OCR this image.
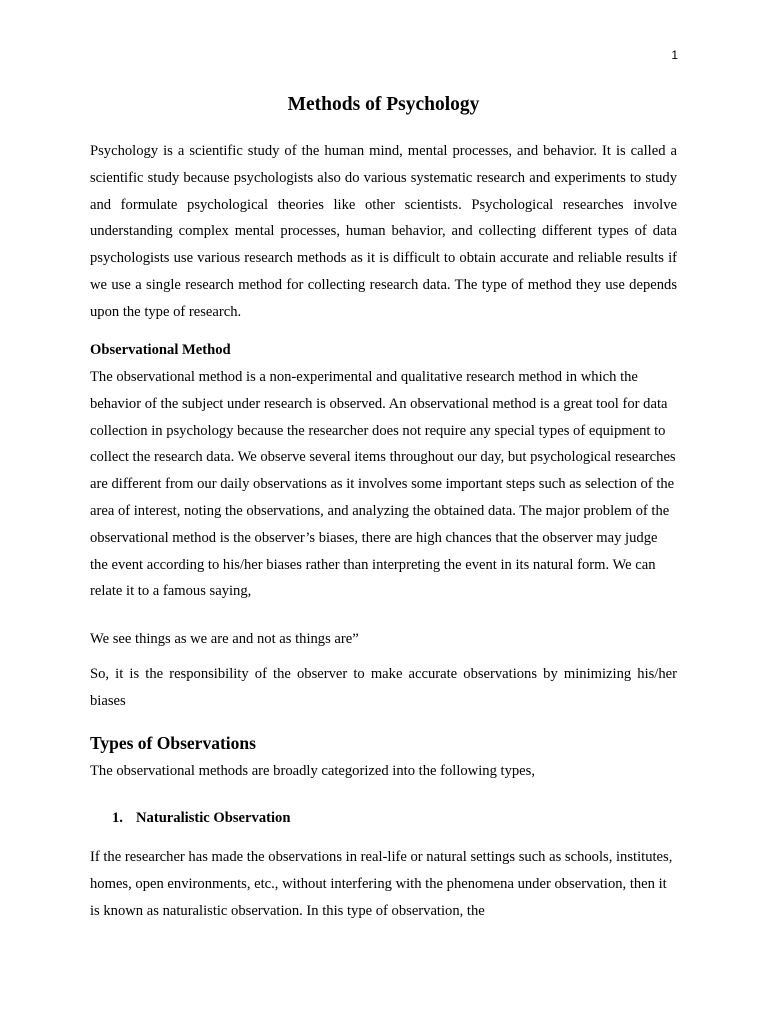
1
Methods of Psychology

Psychology is a scientific study of the human mind, mental processes, and behavior. It is called a scientific study because psychologists also do various systematic research and experiments to study and formulate psychological theories like other scientists. Psychological researches involve understanding complex mental processes, human behavior, and collecting different types of data psychologists use various research methods as it is difficult to obtain accurate and reliable results if we use a single research method for collecting research data. The type of method they use depends upon the type of research.

Observational Method

The observational method is a non-experimental and qualitative research method in which the behavior of the subject under research is observed. An observational method is a great tool for data collection in psychology because the researcher does not require any special types of equipment to collect the research data. We observe several items throughout our day, but psychological researches are different from our daily observations as it involves some important steps such as selection of the area of interest, noting the observations, and analyzing the obtained data. The major problem of the observational method is the observer’s biases, there are high chances that the observer may judge the event according to his/her biases rather than interpreting the event in its natural form. We can relate it to a famous saying,

We see things as we are and not as things are”

So, it is the responsibility of the observer to make accurate observations by minimizing his/her biases

Types of Observations

The observational methods are broadly categorized into the following types,

1. Naturalistic Observation

If the researcher has made the observations in real-life or natural settings such as schools, institutes, homes, open environments, etc., without interfering with the phenomena under observation, then it is known as naturalistic observation. In this type of observation, the
